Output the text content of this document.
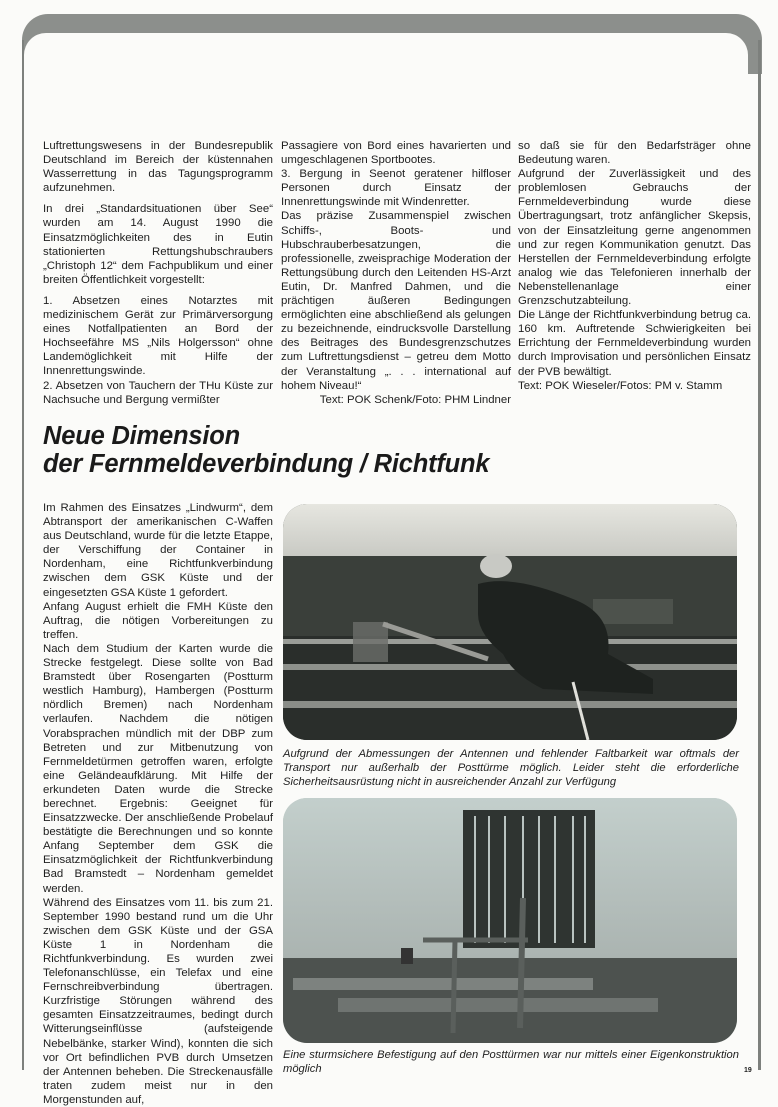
Luftrettungswesens in der Bundesrepublik Deutschland im Bereich der küstennahen Wasserrettung in das Tagungsprogramm aufzunehmen.

In drei „Standardsituationen über See“ wurden am 14. August 1990 die Einsatzmöglichkeiten des in Eutin stationierten Rettungshubschraubers „Christoph 12“ dem Fachpublikum und einer breiten Öffentlichkeit vorgestellt:

1. Absetzen eines Notarztes mit medizinischem Gerät zur Primärversorgung eines Notfallpatienten an Bord der Hochseefähre MS „Nils Holgersson“ ohne Landemöglichkeit mit Hilfe der Innenrettungswinde.

2. Absetzen von Tauchern der THu Küste zur Nachsuche und Bergung vermißter

Passagiere von Bord eines havarierten und umgeschlagenen Sportbootes.

3. Bergung in Seenot geratener hilfloser Personen durch Einsatz der Innenrettungswinde mit Windenretter.

Das präzise Zusammenspiel zwischen Schiffs-, Boots- und Hubschrauberbesatzungen, die professionelle, zweisprachige Moderation der Rettungsübung durch den Leitenden HS-Arzt Eutin, Dr. Manfred Dahmen, und die prächtigen äußeren Bedingungen ermöglichten eine abschließend als gelungen zu bezeichnende, eindrucksvolle Darstellung des Beitrages des Bundesgrenzschutzes zum Luftrettungsdienst – getreu dem Motto der Veranstaltung „. . . international auf hohem Niveau!“

Text: POK Schenk/Foto: PHM Lindner

so daß sie für den Bedarfsträger ohne Bedeutung waren.

Aufgrund der Zuverlässigkeit und des problemlosen Gebrauchs der Fernmeldeverbindung wurde diese Übertragungsart, trotz anfänglicher Skepsis, von der Einsatzleitung gerne angenommen und zur regen Kommunikation genutzt. Das Herstellen der Fernmeldeverbindung erfolgte analog wie das Telefonieren innerhalb der Nebenstellenanlage einer Grenzschutzabteilung.

Die Länge der Richtfunkverbindung betrug ca. 160 km. Auftretende Schwierigkeiten bei Errichtung der Fernmeldeverbindung wurden durch Improvisation und persönlichen Einsatz der PVB bewältigt.

Text: POK Wieseler/Fotos: PM v. Stamm

Neue Dimension
der Fernmeldeverbindung / Richtfunk

Im Rahmen des Einsatzes „Lindwurm“, dem Abtransport der amerikanischen C-Waffen aus Deutschland, wurde für die letzte Etappe, der Verschiffung der Container in Nordenham, eine Richtfunkverbindung zwischen dem GSK Küste und der eingesetzten GSA Küste 1 gefordert.

Anfang August erhielt die FMH Küste den Auftrag, die nötigen Vorbereitungen zu treffen.

Nach dem Studium der Karten wurde die Strecke festgelegt. Diese sollte von Bad Bramstedt über Rosengarten (Postturm westlich Hamburg), Hambergen (Postturm nördlich Bremen) nach Nordenham verlaufen. Nachdem die nötigen Vorabsprachen mündlich mit der DBP zum Betreten und zur Mitbenutzung von Fernmeldetürmen getroffen waren, erfolgte eine Geländeaufklärung. Mit Hilfe der erkundeten Daten wurde die Strecke berechnet. Ergebnis: Geeignet für Einsatzzwecke. Der anschließende Probelauf bestätigte die Berechnungen und so konnte Anfang September dem GSK die Einsatzmöglichkeit der Richtfunkverbindung Bad Bramstedt – Nordenham gemeldet werden.

Während des Einsatzes vom 11. bis zum 21. September 1990 bestand rund um die Uhr zwischen dem GSK Küste und der GSA Küste 1 in Nordenham die Richtfunkverbindung. Es wurden zwei Telefonanschlüsse, ein Telefax und eine Fernschreibverbindung übertragen. Kurzfristige Störungen während des gesamten Einsatzzeitraumes, bedingt durch Witterungseinflüsse (aufsteigende Nebelbänke, starker Wind), konnten die sich vor Ort befindlichen PVB durch Umsetzen der Antennen beheben. Die Streckenausfälle traten zudem meist nur in den Morgenstunden auf,

Aufgrund der Abmessungen der Antennen und fehlender Faltbarkeit war oftmals der Transport nur außerhalb der Posttürme möglich. Leider steht die erforderliche Sicherheitsausrüstung nicht in ausreichender Anzahl zur Verfügung
Eine sturmsichere Befestigung auf den Posttürmen war nur mittels einer Eigenkonstruktion möglich	19
